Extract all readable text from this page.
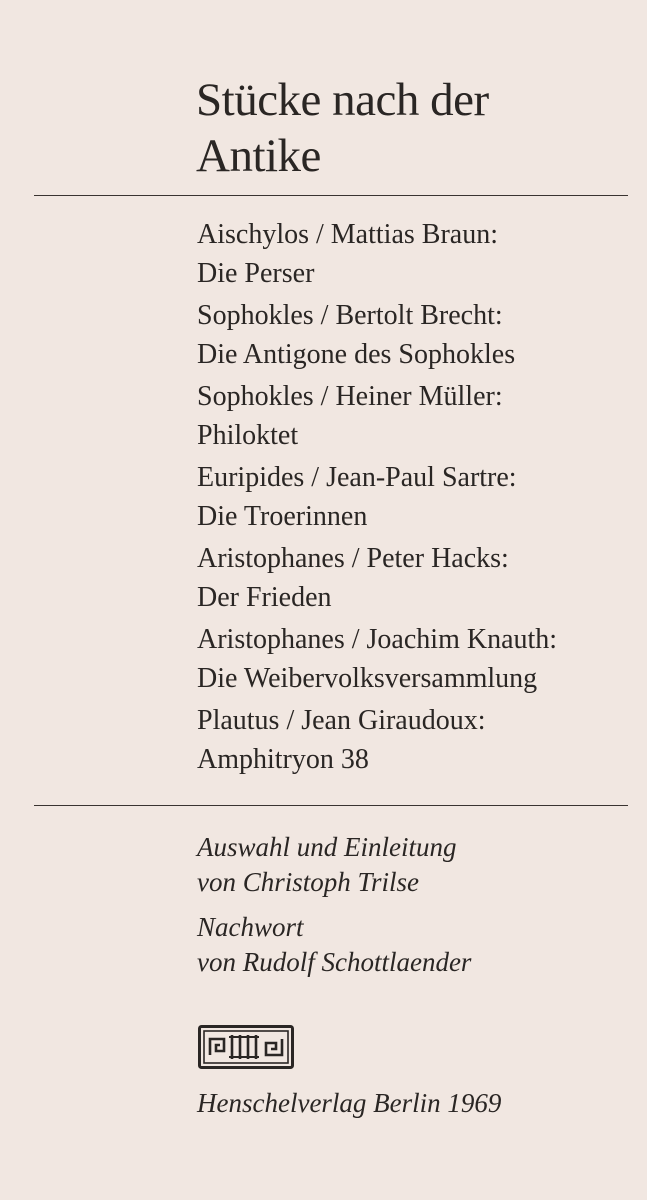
Stücke nach der
Antike
Aischylos / Mattias Braun:
Die Perser
Sophokles / Bertolt Brecht:
Die Antigone des Sophokles
Sophokles / Heiner Müller:
Philoktet
Euripides / Jean-Paul Sartre:
Die Troerinnen
Aristophanes / Peter Hacks:
Der Frieden
Aristophanes / Joachim Knauth:
Die Weibervolksversammlung
Plautus / Jean Giraudoux:
Amphitryon 38
Auswahl und Einleitung
von Christoph Trilse
Nachwort
von Rudolf Schottlaender
Henschelverlag Berlin 1969
